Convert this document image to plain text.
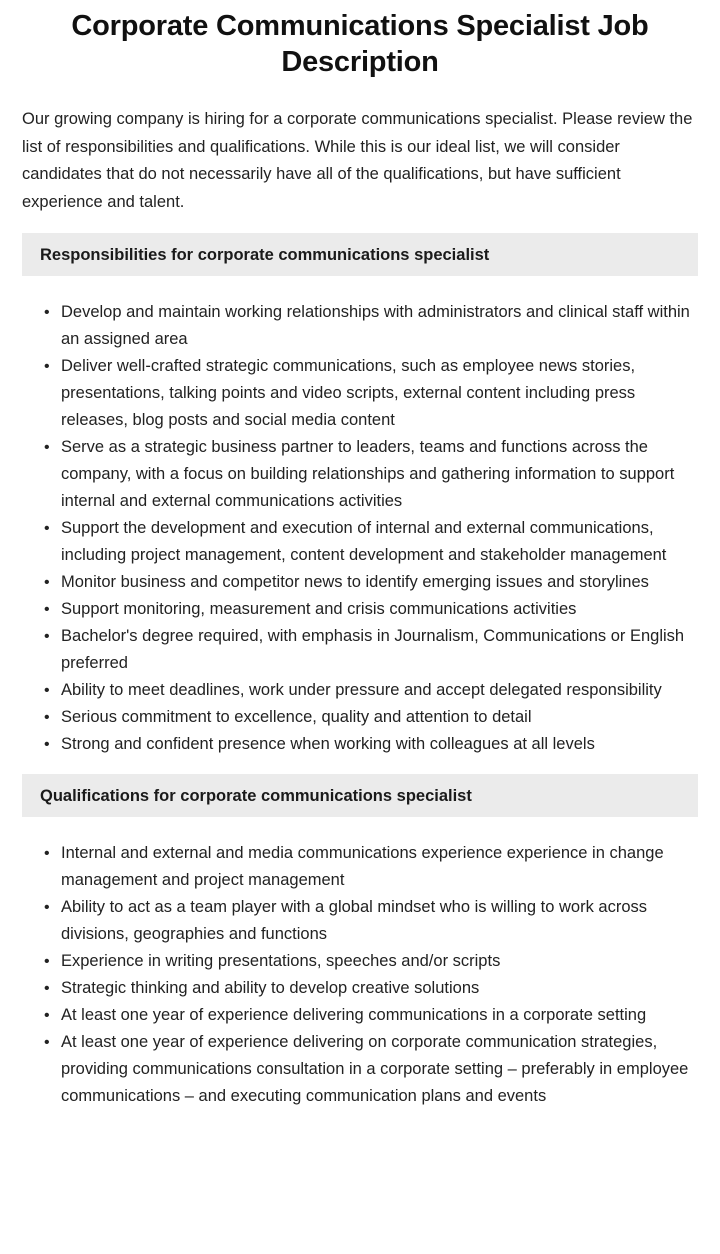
Corporate Communications Specialist Job Description

Our growing company is hiring for a corporate communications specialist. Please review the list of responsibilities and qualifications. While this is our ideal list, we will consider candidates that do not necessarily have all of the qualifications, but have sufficient experience and talent.

Responsibilities for corporate communications specialist
• Develop and maintain working relationships with administrators and clinical staff within an assigned area
• Deliver well-crafted strategic communications, such as employee news stories, presentations, talking points and video scripts, external content including press releases, blog posts and social media content
• Serve as a strategic business partner to leaders, teams and functions across the company, with a focus on building relationships and gathering information to support internal and external communications activities
• Support the development and execution of internal and external communications, including project management, content development and stakeholder management
• Monitor business and competitor news to identify emerging issues and storylines
• Support monitoring, measurement and crisis communications activities
• Bachelor's degree required, with emphasis in Journalism, Communications or English preferred
• Ability to meet deadlines, work under pressure and accept delegated responsibility
• Serious commitment to excellence, quality and attention to detail
• Strong and confident presence when working with colleagues at all levels
Qualifications for corporate communications specialist
• Internal and external and media communications experience experience in change management and project management
• Ability to act as a team player with a global mindset who is willing to work across divisions, geographies and functions
• Experience in writing presentations, speeches and/or scripts
• Strategic thinking and ability to develop creative solutions
• At least one year of experience delivering communications in a corporate setting
• At least one year of experience delivering on corporate communication strategies, providing communications consultation in a corporate setting – preferably in employee communications – and executing communication plans and events
